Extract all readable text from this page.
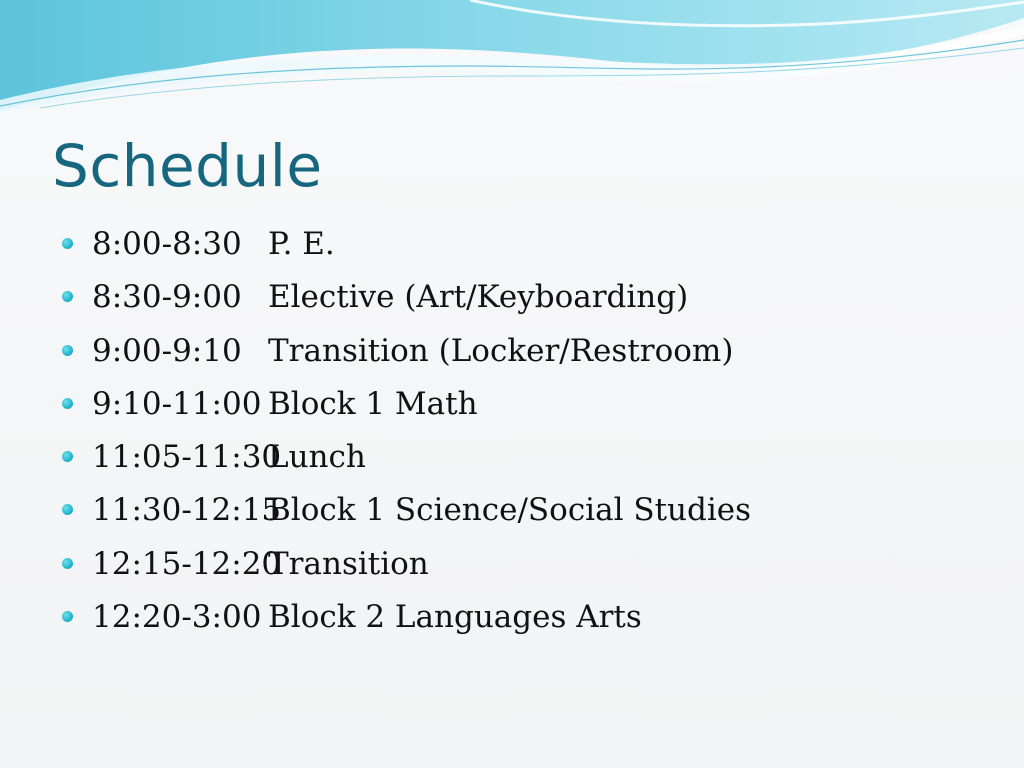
Schedule
8:00-8:30 P. E.
8:30-9:00 Elective (Art/Keyboarding)
9:00-9:10 Transition (Locker/Restroom)
9:10-11:00 Block 1 Math
11:05-11:30
Lunch
11:30-12:15
Block 1 Science/Social Studies
12:15-12:20
Transition
12:20-3:00 Block 2 Languages Arts
